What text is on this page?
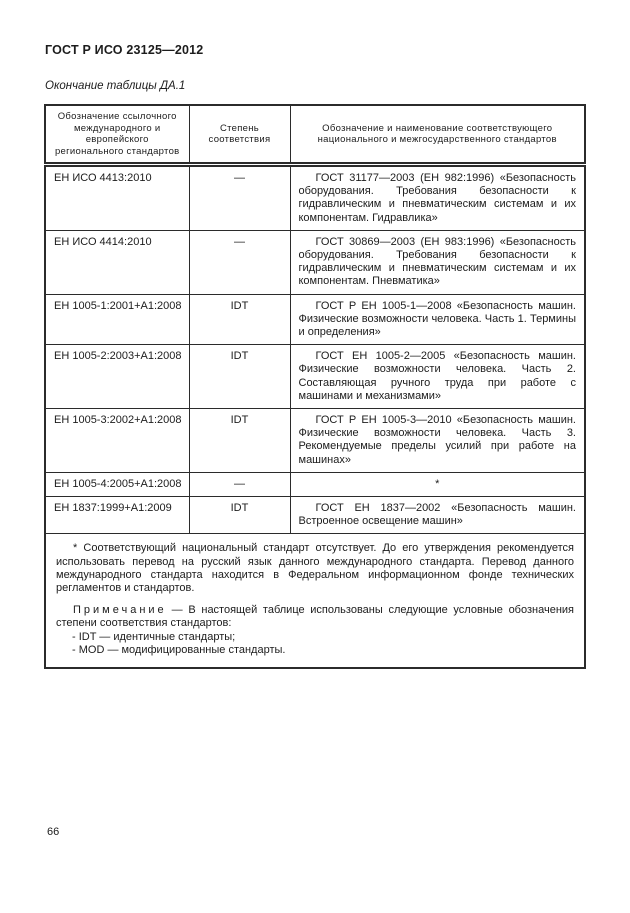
ГОСТ Р ИСО 23125—2012
Окончание таблицы ДА.1
Обозначение ссылочного международного и европейского регионального стандартов	Степень соответствия	Обозначение и наименование соответствующего национального и межгосударственного стандартов
ЕН ИСО 4413:2010	—	ГОСТ 31177—2003 (ЕН 982:1996) «Безопасность оборудования. Требования безопасности к гидравлическим и пневматическим системам и их компонентам. Гидравлика»
ЕН ИСО 4414:2010	—	ГОСТ 30869—2003 (ЕН 983:1996) «Безопасность оборудования. Требования безопасности к гидравлическим и пневматическим системам и их компонентам. Пневматика»
ЕН 1005-1:2001+А1:2008	IDT	ГОСТ Р ЕН 1005-1—2008 «Безопасность машин. Физические возможности человека. Часть 1. Термины и определения»
ЕН 1005-2:2003+А1:2008	IDT	ГОСТ ЕН 1005-2—2005 «Безопасность машин. Физические возможности человека. Часть 2. Составляющая ручного труда при работе с машинами и механизмами»
ЕН 1005-3:2002+А1:2008	IDT	ГОСТ Р ЕН 1005-3—2010 «Безопасность машин. Физические возможности человека. Часть 3. Рекомендуемые пределы усилий при работе на машинах»
ЕН 1005-4:2005+А1:2008	—	*
ЕН 1837:1999+А1:2009	IDT	ГОСТ ЕН 1837—2002 «Безопасность машин. Встроенное освещение машин»

* Соответствующий национальный стандарт отсутствует. До его утверждения рекомендуется использовать перевод на русский язык данного международного стандарта. Перевод данного международного стандарта находится в Федеральном информационном фонде технических регламентов и стандартов.

Примечание — В настоящей таблице использованы следующие условные обозначения степени соответствия стандартов:

- IDT — идентичные стандарты;

- MOD — модифицированные стандарты.		

66
